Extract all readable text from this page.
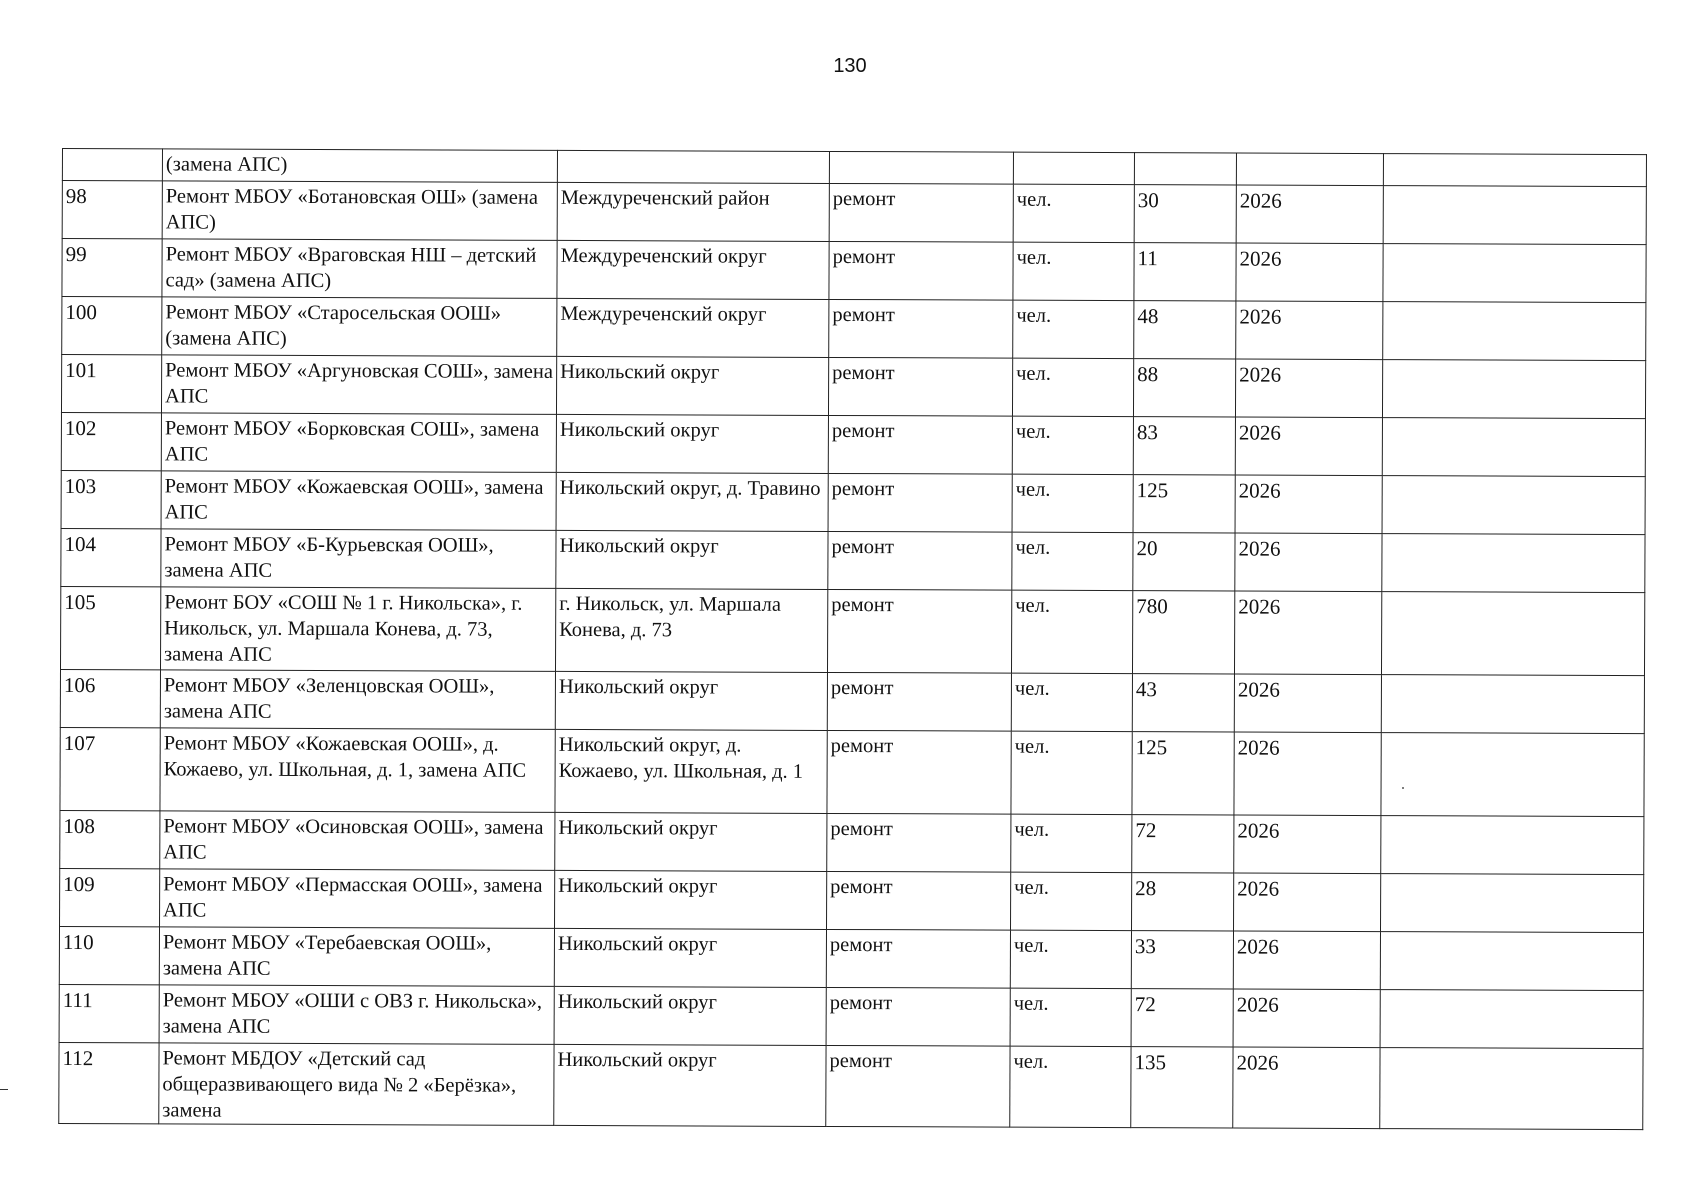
130
	(замена АПС)						
98	Ремонт МБОУ «Ботановская ОШ» (замена АПС)	Междуреченский район	ремонт	чел.	30	2026	
99	Ремонт МБОУ «Враговская НШ – детский сад» (замена АПС)	Междуреченский округ	ремонт	чел.	11	2026	
100	Ремонт МБОУ «Старосельская ООШ» (замена АПС)	Междуреченский округ	ремонт	чел.	48	2026	
101	Ремонт МБОУ «Аргуновская СОШ», замена АПС	Никольский округ	ремонт	чел.	88	2026	
102	Ремонт МБОУ «Борковская СОШ», замена АПС	Никольский округ	ремонт	чел.	83	2026	
103	Ремонт МБОУ «Кожаевская ООШ», замена АПС	Никольский округ, д. Травино	ремонт	чел.	125	2026	
104	Ремонт МБОУ «Б-Курьевская ООШ», замена АПС	Никольский округ	ремонт	чел.	20	2026	
105	Ремонт БОУ «СОШ № 1 г. Никольска», г. Никольск, ул. Маршала Конева, д. 73, замена АПС	г. Никольск, ул. Маршала Конева, д. 73	ремонт	чел.	780	2026	
106	Ремонт МБОУ «Зеленцовская ООШ», замена АПС	Никольский округ	ремонт	чел.	43	2026	
107	Ремонт МБОУ «Кожаевская ООШ», д. Кожаево, ул. Школьная, д. 1, замена АПС	Никольский округ, д. Кожаево, ул. Школьная, д. 1	ремонт	чел.	125	2026	
108	Ремонт МБОУ «Осиновская ООШ», замена АПС	Никольский округ	ремонт	чел.	72	2026	
109	Ремонт МБОУ «Пермасская ООШ», замена АПС	Никольский округ	ремонт	чел.	28	2026	
110	Ремонт МБОУ «Теребаевская ООШ», замена АПС	Никольский округ	ремонт	чел.	33	2026	
111	Ремонт МБОУ «ОШИ с ОВЗ г. Никольска», замена АПС	Никольский округ	ремонт	чел.	72	2026	
112	Ремонт МБДОУ «Детский сад общеразвивающего вида № 2 «Берёзка», замена	Никольский округ	ремонт	чел.	135	2026	
